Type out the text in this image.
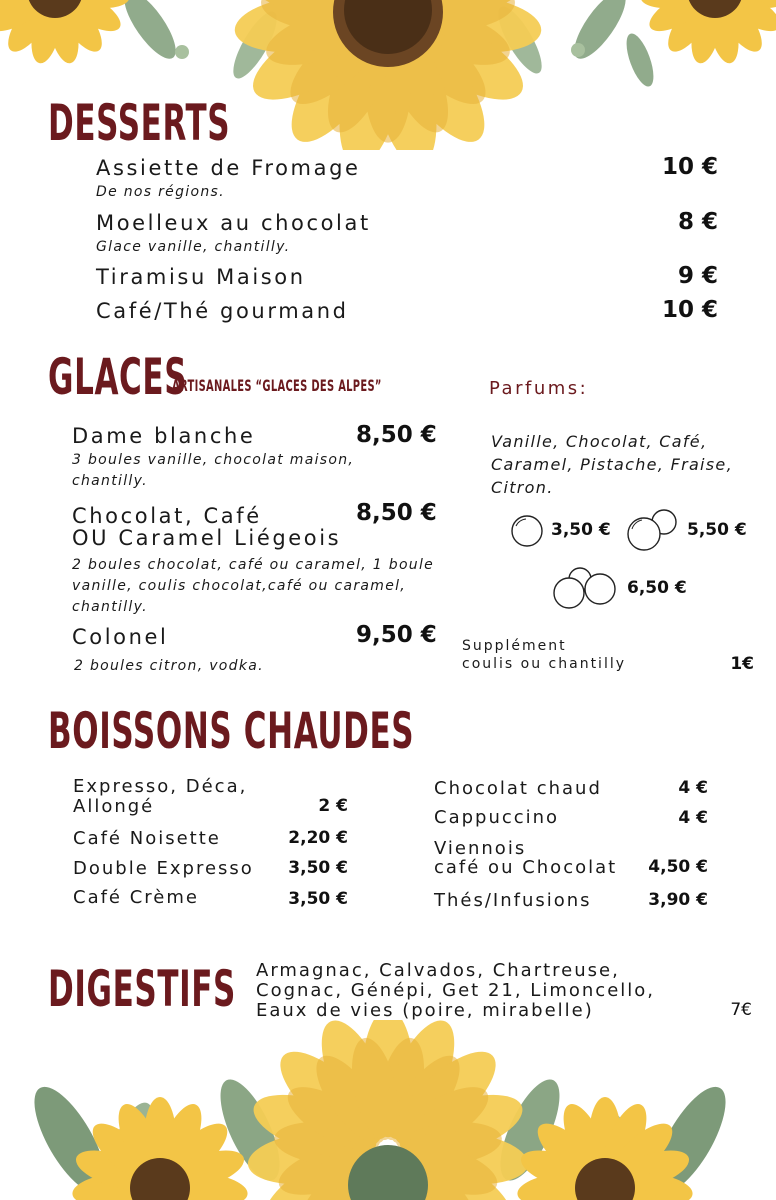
DESSERTS
Assiette de Fromage
De nos régions.
10 €
Moelleux au chocolat
Glace vanille, chantilly.
8 €
Tiramisu Maison	9 €
Café/Thé gourmand	10 €
GLACES
ARTISANALES “GLACES DES ALPES”
Dame blanche
3 boules vanille, chocolat maison, chantilly.
8,50 €
Chocolat, Café
OU Caramel Liégeois
2 boules chocolat, café ou caramel, 1 boule vanille, coulis chocolat,café ou caramel, chantilly.
8,50 €
Colonel
2 boules citron, vodka.
9,50 €
Parfums:
Vanille, Chocolat, Café, Caramel, Pistache, Fraise, Citron.
3,50 €	5,50 €
6,50 €
Supplément
coulis ou chantilly	1€
BOISSONS CHAUDES
Expresso, Déca,
Allongé	2 €
Café Noisette	2,20 €
Double Expresso	3,50 €
Café Crème	3,50 €
Chocolat chaud	4 €
Cappuccino	4 €
Viennois
café ou Chocolat	4,50 €
Thés/Infusions	3,90 €
DIGESTIFS Armagnac, Calvados, Chartreuse,
Cognac, Génépi, Get 21, Limoncello,
Eaux de vies (poire, mirabelle)	7€
